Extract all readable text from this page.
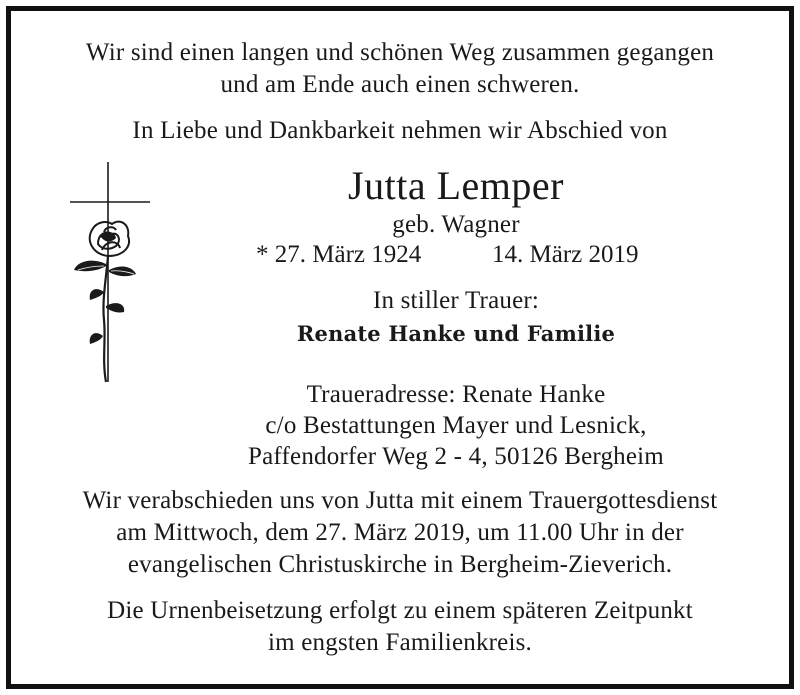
Wir sind einen langen und schönen Weg zusammen gegangen
und am Ende auch einen schweren.
In Liebe und Dankbarkeit nehmen wir Abschied von
Jutta Lemper
geb. Wagner
* 27. März 1924	14. März 2019
In stiller Trauer:
Renate Hanke und Familie
Traueradresse: Renate Hanke
c/o Bestattungen Mayer und Lesnick,
Paffendorfer Weg 2 - 4, 50126 Bergheim
Wir verabschieden uns von Jutta mit einem Trauergottesdienst
am Mittwoch, dem 27. März 2019, um 11.00 Uhr in der
evangelischen Christuskirche in Bergheim-Zieverich.
Die Urnenbeisetzung erfolgt zu einem späteren Zeitpunkt
im engsten Familienkreis.
